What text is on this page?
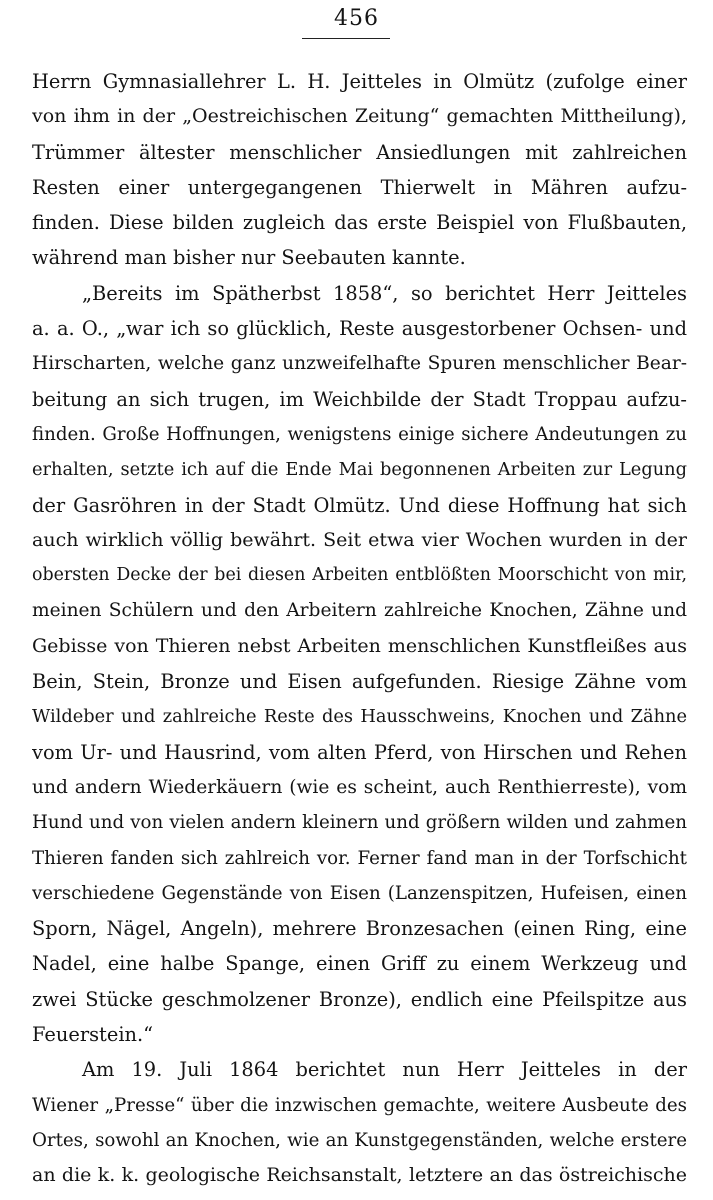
456
Herrn Gymnasiallehrer L. H. Jeitteles in Olmütz (zufolge einer
von ihm in der „Oestreichischen Zeitung“ gemachten Mittheilung),
Trümmer ältester menschlicher Ansiedlungen mit zahlreichen
Resten einer untergegangenen Thierwelt in Mähren aufzu-
finden. Diese bilden zugleich das erste Beispiel von Flußbauten,
während man bisher nur Seebauten kannte.
„Bereits im Spätherbst 1858“, so berichtet Herr Jeitteles
a. a. O., „war ich so glücklich, Reste ausgestorbener Ochsen- und
Hirscharten, welche ganz unzweifelhafte Spuren menschlicher Bear-
beitung an sich trugen, im Weichbilde der Stadt Troppau aufzu-
finden. Große Hoffnungen, wenigstens einige sichere Andeutungen zu
erhalten, setzte ich auf die Ende Mai begonnenen Arbeiten zur Legung
der Gasröhren in der Stadt Olmütz. Und diese Hoffnung hat sich
auch wirklich völlig bewährt. Seit etwa vier Wochen wurden in der
obersten Decke der bei diesen Arbeiten entblößten Moorschicht von mir,
meinen Schülern und den Arbeitern zahlreiche Knochen, Zähne und
Gebisse von Thieren nebst Arbeiten menschlichen Kunstfleißes aus
Bein, Stein, Bronze und Eisen aufgefunden. Riesige Zähne vom
Wildeber und zahlreiche Reste des Hausschweins, Knochen und Zähne
vom Ur- und Hausrind, vom alten Pferd, von Hirschen und Rehen
und andern Wiederkäuern (wie es scheint, auch Renthierreste), vom
Hund und von vielen andern kleinern und größern wilden und zahmen
Thieren fanden sich zahlreich vor. Ferner fand man in der Torfschicht
verschiedene Gegenstände von Eisen (Lanzenspitzen, Hufeisen, einen
Sporn, Nägel, Angeln), mehrere Bronzesachen (einen Ring, eine
Nadel, eine halbe Spange, einen Griff zu einem Werkzeug und
zwei Stücke geschmolzener Bronze), endlich eine Pfeilspitze aus
Feuerstein.“
Am 19. Juli 1864 berichtet nun Herr Jeitteles in der
Wiener „Presse“ über die inzwischen gemachte, weitere Ausbeute des
Ortes, sowohl an Knochen, wie an Kunstgegenständen, welche erstere
an die k. k. geologische Reichsanstalt, letztere an das östreichische
